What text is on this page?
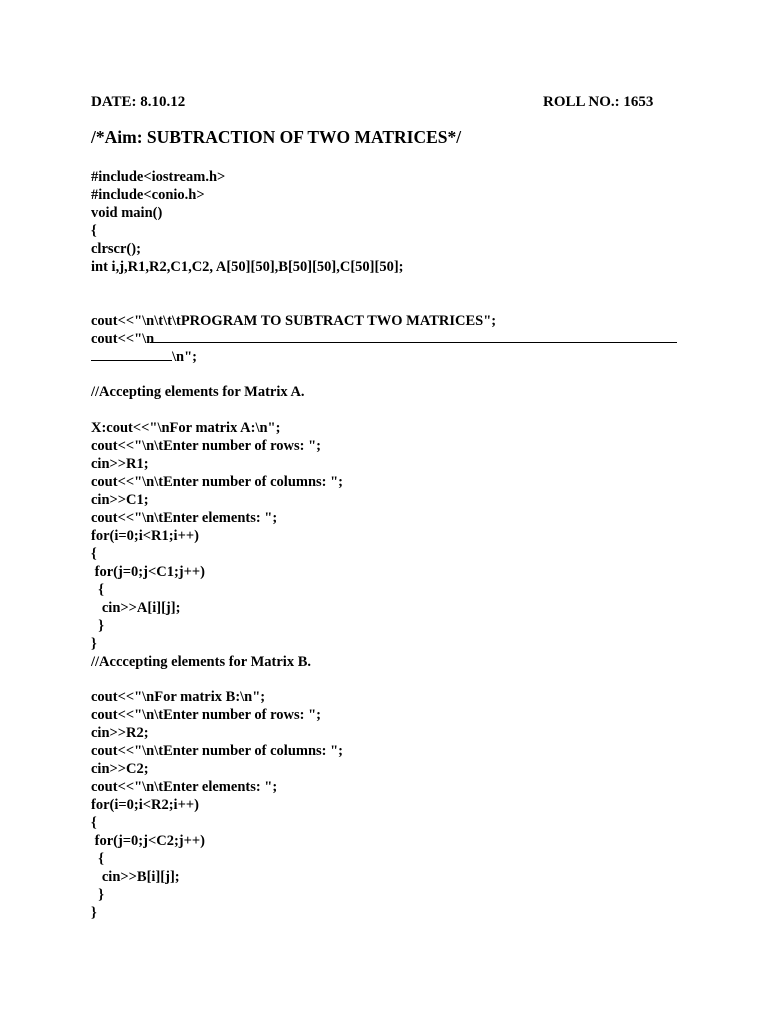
DATE: 8.10.12	ROLL NO.: 1653
/*Aim: SUBTRACTION OF TWO MATRICES*/
#include<iostream.h>
#include<conio.h>
void main()
{
clrscr();
int i,j,R1,R2,C1,C2, A[50][50],B[50][50],C[50][50];
cout<<"\n\t\t\tPROGRAM TO SUBTRACT TWO MATRICES";
cout<<"\n
\n";
//Accepting elements for Matrix A.
X:cout<<"\nFor matrix A:\n";
cout<<"\n\tEnter number of rows: ";
cin>>R1;
cout<<"\n\tEnter number of columns: ";
cin>>C1;
cout<<"\n\tEnter elements: ";
for(i=0;i<R1;i++)
{
for(j=0;j<C1;j++)
{
cin>>A[i][j];
}
}
//Acccepting elements for Matrix B.
cout<<"\nFor matrix B:\n";
cout<<"\n\tEnter number of rows: ";
cin>>R2;
cout<<"\n\tEnter number of columns: ";
cin>>C2;
cout<<"\n\tEnter elements: ";
for(i=0;i<R2;i++)
{
for(j=0;j<C2;j++)
{
cin>>B[i][j];
}
}
